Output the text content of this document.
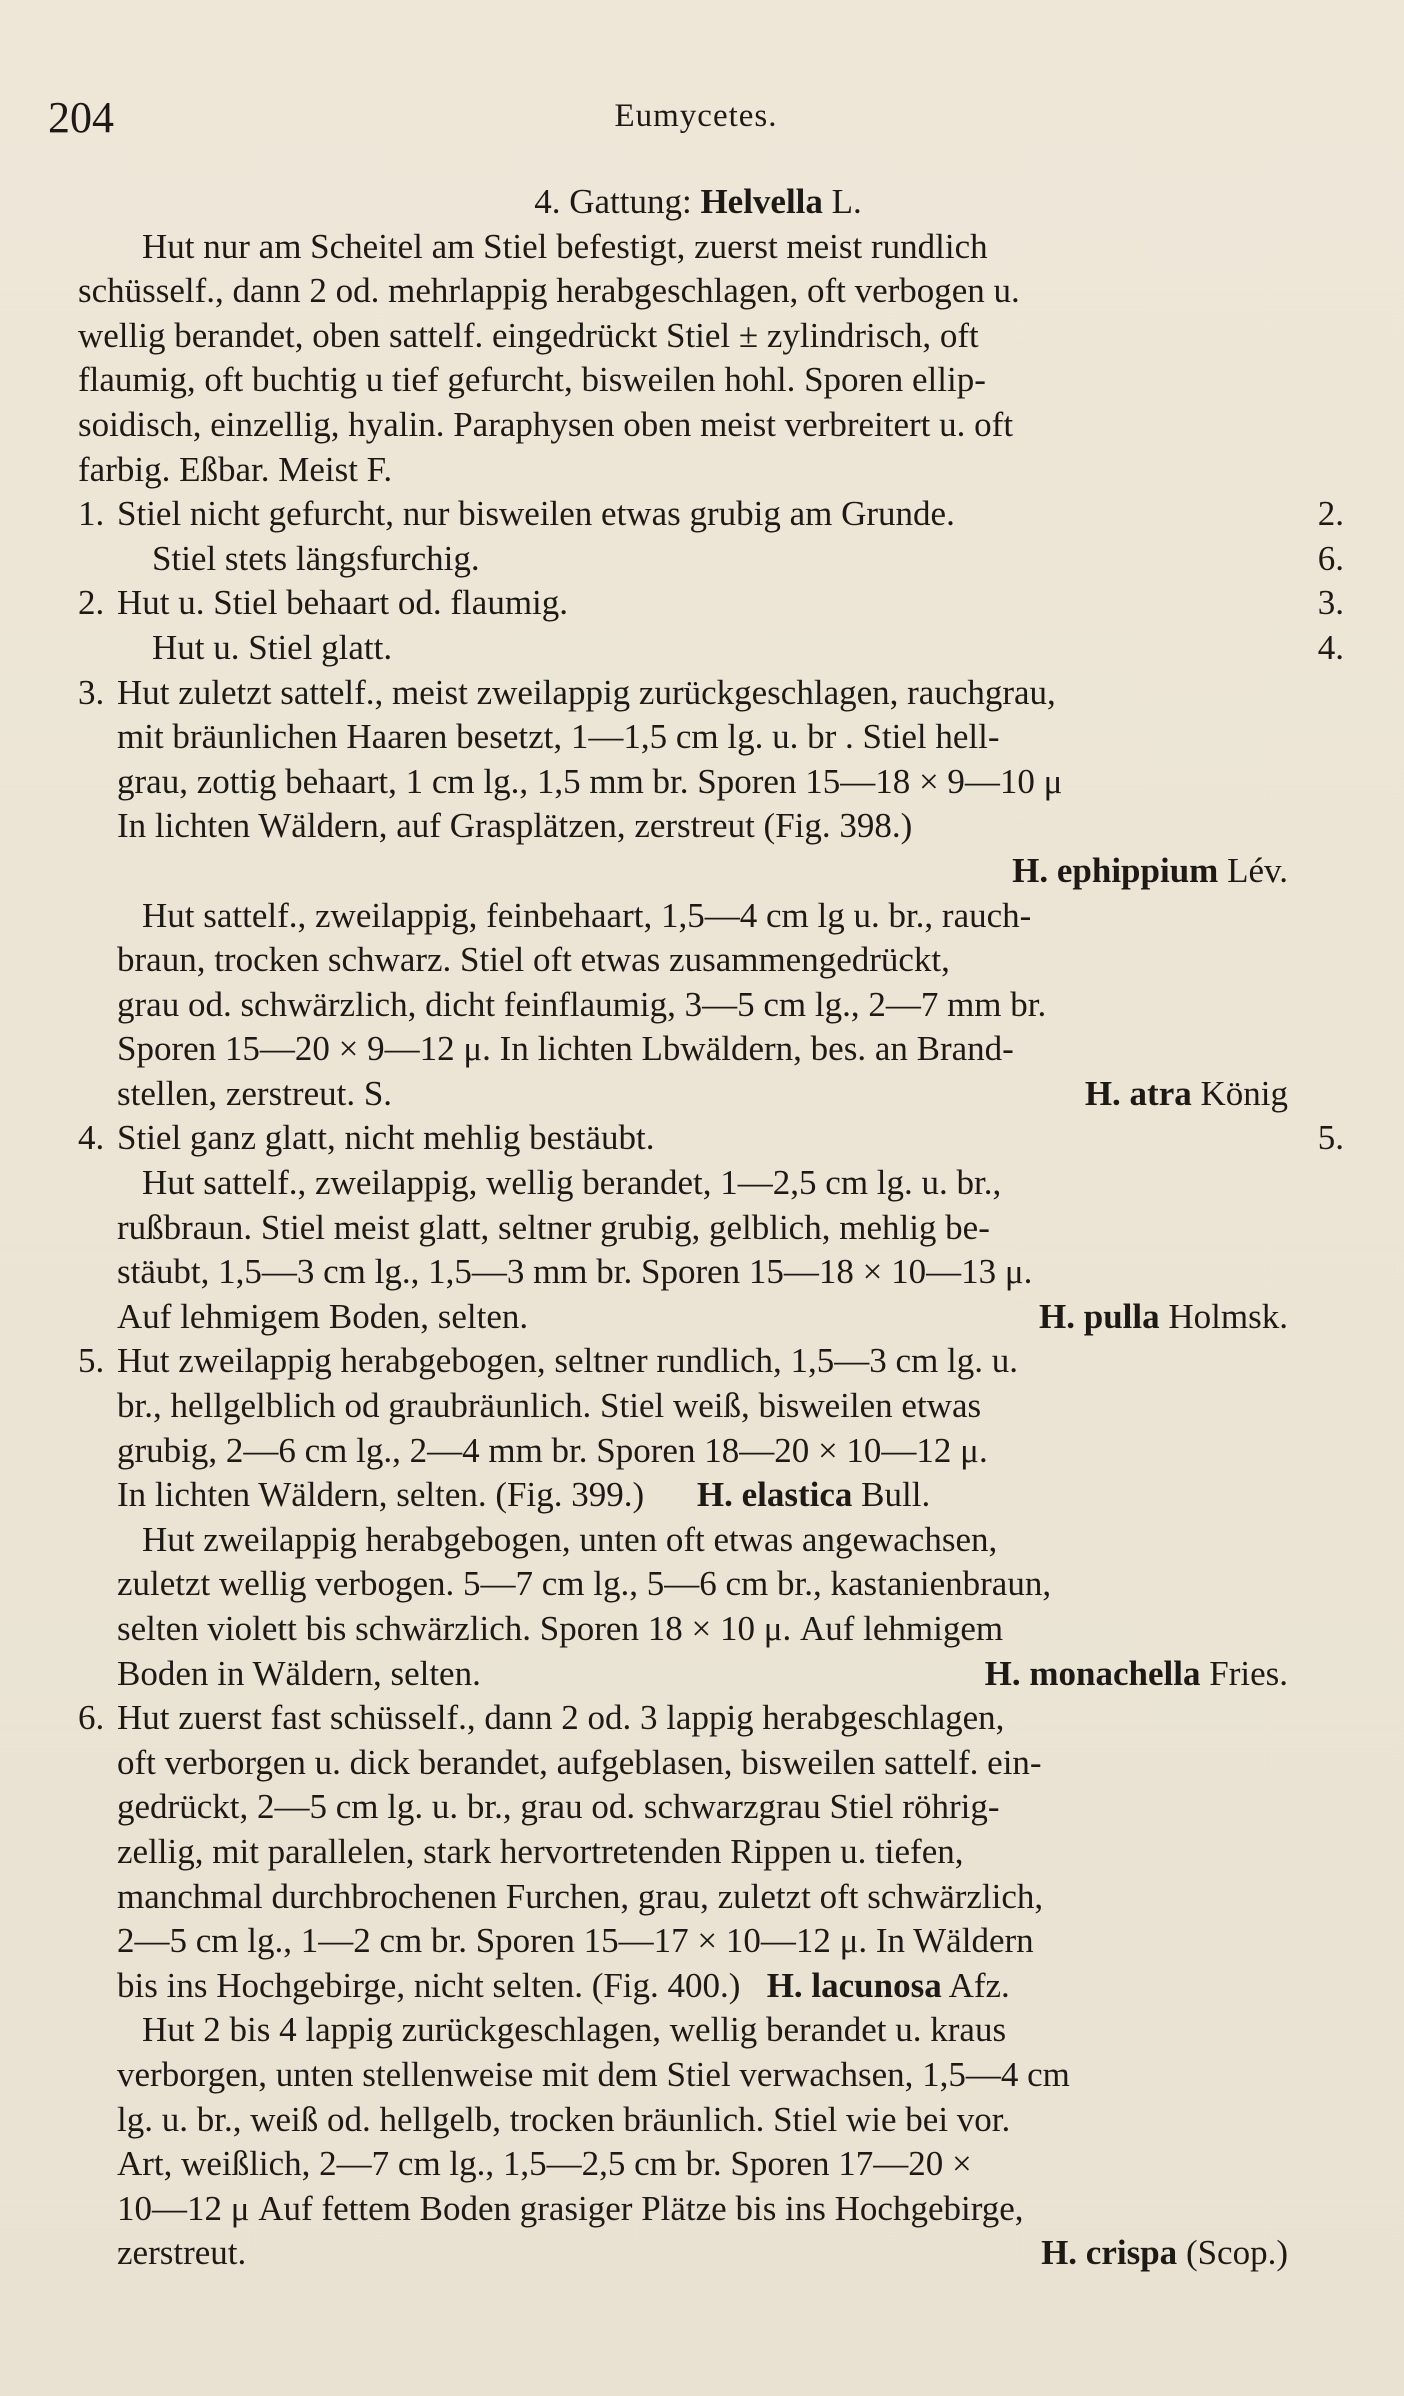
204	Eumycetes.
4. Gattung: Helvella L.
Hut nur am Scheitel am Stiel befestigt, zuerst meist rundlich
schüsself., dann 2 od. mehrlappig herabgeschlagen, oft verbogen u.
wellig berandet, oben sattelf. eingedrückt Stiel ± zylindrisch, oft
flaumig, oft buchtig u tief gefurcht, bisweilen hohl. Sporen ellip-
soidisch, einzellig, hyalin. Paraphysen oben meist verbreitert u. oft
farbig. Eßbar. Meist F.
1. Stiel nicht gefurcht, nur bisweilen etwas grubig am Grunde.	2.
Stiel stets längsfurchig.	6.
2. Hut u. Stiel behaart od. flaumig.	3.
Hut u. Stiel glatt.	4.
3. Hut zuletzt sattelf., meist zweilappig zurückgeschlagen, rauchgrau,
mit bräunlichen Haaren besetzt, 1—1,5 cm lg. u. br . Stiel hell-
grau, zottig behaart, 1 cm lg., 1,5 mm br. Sporen 15—18 × 9—10 μ
In lichten Wäldern, auf Grasplätzen, zerstreut (Fig. 398.)
H. ephippium Lév.
Hut sattelf., zweilappig, feinbehaart, 1,5—4 cm lg u. br., rauch-
braun, trocken schwarz. Stiel oft etwas zusammengedrückt,
grau od. schwärzlich, dicht feinflaumig, 3—5 cm lg., 2—7 mm br.
Sporen 15—20 × 9—12 μ. In lichten Lbwäldern, bes. an Brand-
stellen, zerstreut. S.	H. atra König
4. Stiel ganz glatt, nicht mehlig bestäubt.	5.
Hut sattelf., zweilappig, wellig berandet, 1—2,5 cm lg. u. br.,
rußbraun. Stiel meist glatt, seltner grubig, gelblich, mehlig be-
stäubt, 1,5—3 cm lg., 1,5—3 mm br. Sporen 15—18 × 10—13 μ.
Auf lehmigem Boden, selten.	H. pulla Holmsk.
5. Hut zweilappig herabgebogen, seltner rundlich, 1,5—3 cm lg. u.
br., hellgelblich od graubräunlich. Stiel weiß, bisweilen etwas
grubig, 2—6 cm lg., 2—4 mm br. Sporen 18—20 × 10—12 μ.
In lichten Wäldern, selten. (Fig. 399.) H. elastica Bull.
Hut zweilappig herabgebogen, unten oft etwas angewachsen,
zuletzt wellig verbogen. 5—7 cm lg., 5—6 cm br., kastanienbraun,
selten violett bis schwärzlich. Sporen 18 × 10 μ. Auf lehmigem
Boden in Wäldern, selten.	H. monachella Fries.
6. Hut zuerst fast schüsself., dann 2 od. 3 lappig herabgeschlagen,
oft verborgen u. dick berandet, aufgeblasen, bisweilen sattelf. ein-
gedrückt, 2—5 cm lg. u. br., grau od. schwarzgrau Stiel röhrig-
zellig, mit parallelen, stark hervortretenden Rippen u. tiefen,
manchmal durchbrochenen Furchen, grau, zuletzt oft schwärzlich,
2—5 cm lg., 1—2 cm br. Sporen 15—17 × 10—12 μ. In Wäldern
bis ins Hochgebirge, nicht selten. (Fig. 400.) H. lacunosa Afz.
Hut 2 bis 4 lappig zurückgeschlagen, wellig berandet u. kraus
verborgen, unten stellenweise mit dem Stiel verwachsen, 1,5—4 cm
lg. u. br., weiß od. hellgelb, trocken bräunlich. Stiel wie bei vor.
Art, weißlich, 2—7 cm lg., 1,5—2,5 cm br. Sporen 17—20 ×
10—12 μ Auf fettem Boden grasiger Plätze bis ins Hochgebirge,
zerstreut.	H. crispa (Scop.)
